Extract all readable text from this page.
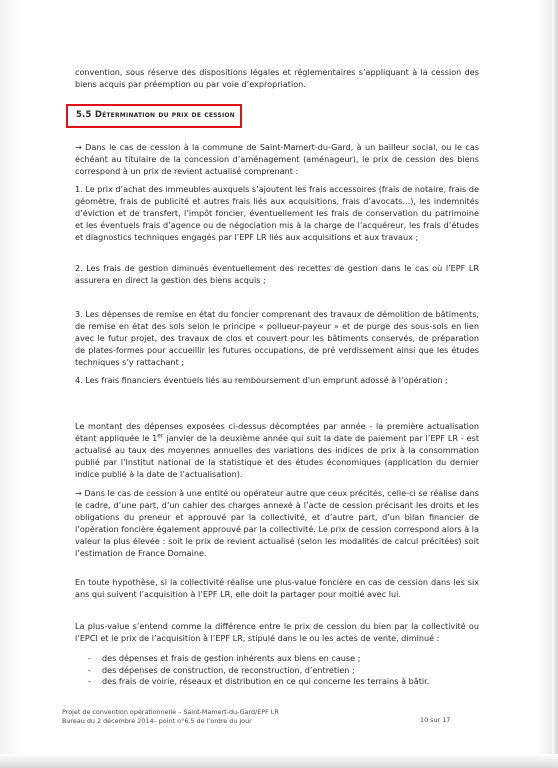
convention, sous réserve des dispositions légales et réglementaires s’appliquant à la cession des biens acquis par préemption ou par voie d’expropriation.

5.5 Détermination du prix de cession

→ Dans le cas de cession à la commune de Saint-Mamert-du-Gard, à un bailleur social, ou le cas échéant au titulaire de la concession d’aménagement (aménageur), le prix de cession des biens correspond à un prix de revient actualisé comprenant :

1. Le prix d’achat des immeubles auxquels s’ajoutent les frais accessoires (frais de notaire, frais de géomètre, frais de publicité et autres frais liés aux acquisitions, frais d’avocats...), les indemnités d’éviction et de transfert, l’impôt foncier, éventuellement les frais de conservation du patrimoine et les éventuels frais d’agence ou de négociation mis à la charge de l’acquéreur, les frais d’études et diagnostics techniques engagés par l’EPF LR liés aux acquisitions et aux travaux ;

2. Les frais de gestion diminués éventuellement des recettes de gestion dans le cas où l’EPF LR assurera en direct la gestion des biens acquis ;

3. Les dépenses de remise en état du foncier comprenant des travaux de démolition de bâtiments, de remise en état des sols selon le principe « pollueur-payeur » et de purge des sous-sols en lien avec le futur projet, des travaux de clos et couvert pour les bâtiments conservés, de préparation de plates-formes pour accueillir les futures occupations, de pré verdissement ainsi que les études techniques s’y rattachant ;

4. Les frais financiers éventuels liés au remboursement d’un emprunt adossé à l’opération ;

Le montant des dépenses exposées ci-dessus décomptées par année - la première actualisation étant appliquée le 1er janvier de la deuxième année qui suit la date de paiement par l’EPF LR - est actualisé au taux des moyennes annuelles des variations des indices de prix à la consommation publié par l’Institut national de la statistique et des études économiques (application du dernier indice publié à la date de l’actualisation).

→ Dans le cas de cession à une entité ou opérateur autre que ceux précités, celle-ci se réalise dans le cadre, d’une part, d’un cahier des charges annexé à l’acte de cession précisant les droits et les obligations du preneur et approuvé par la collectivité, et d’autre part, d’un bilan financier de l’opération foncière également approuvé par la collectivité. Le prix de cession correspond alors à la valeur la plus élevée : soit le prix de revient actualisé (selon les modalités de calcul précitées) soit l’estimation de France Domaine.

En toute hypothèse, si la collectivité réalise une plus-value foncière en cas de cession dans les six ans qui suivent l’acquisition à l’EPF LR, elle doit la partager pour moitié avec lui.

La plus-value s’entend comme la différence entre le prix de cession du bien par la collectivité ou l’EPCI et le prix de l’acquisition à l’EPF LR, stipulé dans le ou les actes de vente, diminué :

- des dépenses et frais de gestion inhérents aux biens en cause ;
- des dépenses de construction, de reconstruction, d’entretien ;
- des frais de voirie, réseaux et distribution en ce qui concerne les terrains à bâtir.
Projet de convention opérationnelle – Saint-Mamert-du-Gard/EPF LR
Bureau du 2 décembre 2014– point n°6.5 de l’ordre du jour	10 sur 17
